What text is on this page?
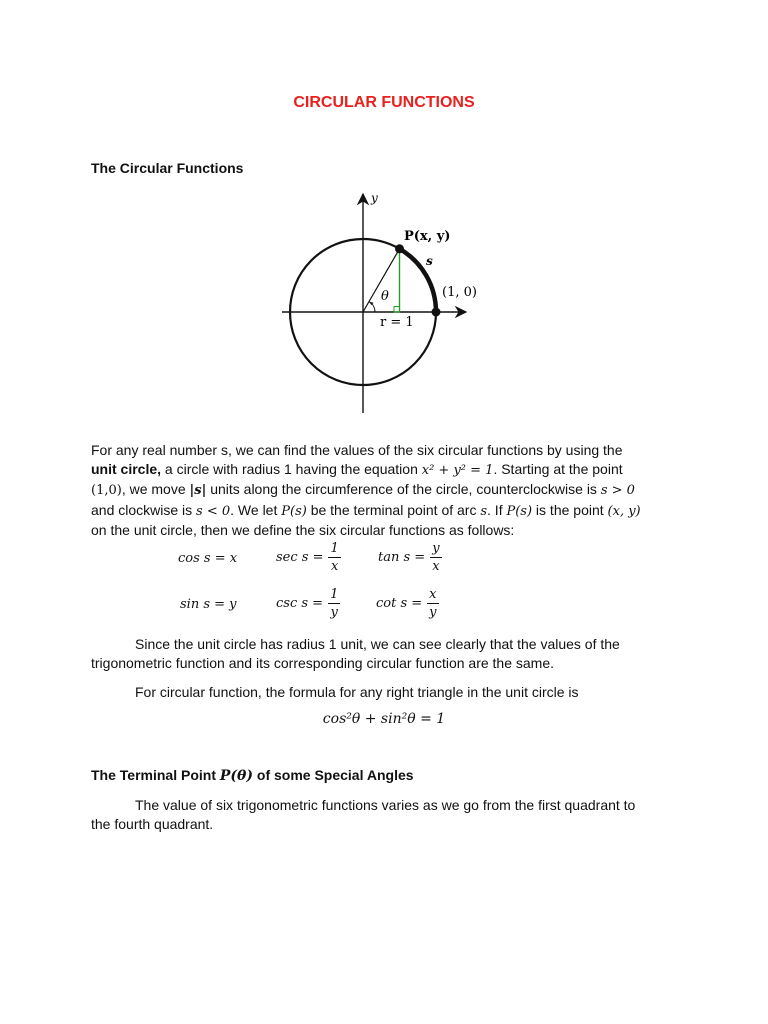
CIRCULAR FUNCTIONS
The Circular Functions
y
P(x, y)
s
θ	(1, 0)
r = 1
For any real number s, we can find the values of the six circular functions by using the
unit circle, a circle with radius 1 having the equation x² + y² = 1. Starting at the point
(1,0), we move |s| units along the circumference of the circle, counterclockwise is s > 0
and clockwise is s < 0. We let P(s) be the terminal point of arc s. If P(s) is the point (x, y)
on the unit circle, then we define the six circular functions as follows:
cos s = x	$\sec s = \frac{1}{x}$	$\tan s = \frac{y}{x}$
sin s = y	$\csc s = \frac{1}{y}$	$\cot s = \frac{x}{y}$
Since the unit circle has radius 1 unit, we can see clearly that the values of the
trigonometric function and its corresponding circular function are the same.
For circular function, the formula for any right triangle in the unit circle is
cos²θ + sin²θ = 1
The Terminal Point P(θ) of some Special Angles
The value of six trigonometric functions varies as we go from the first quadrant to
the fourth quadrant.
